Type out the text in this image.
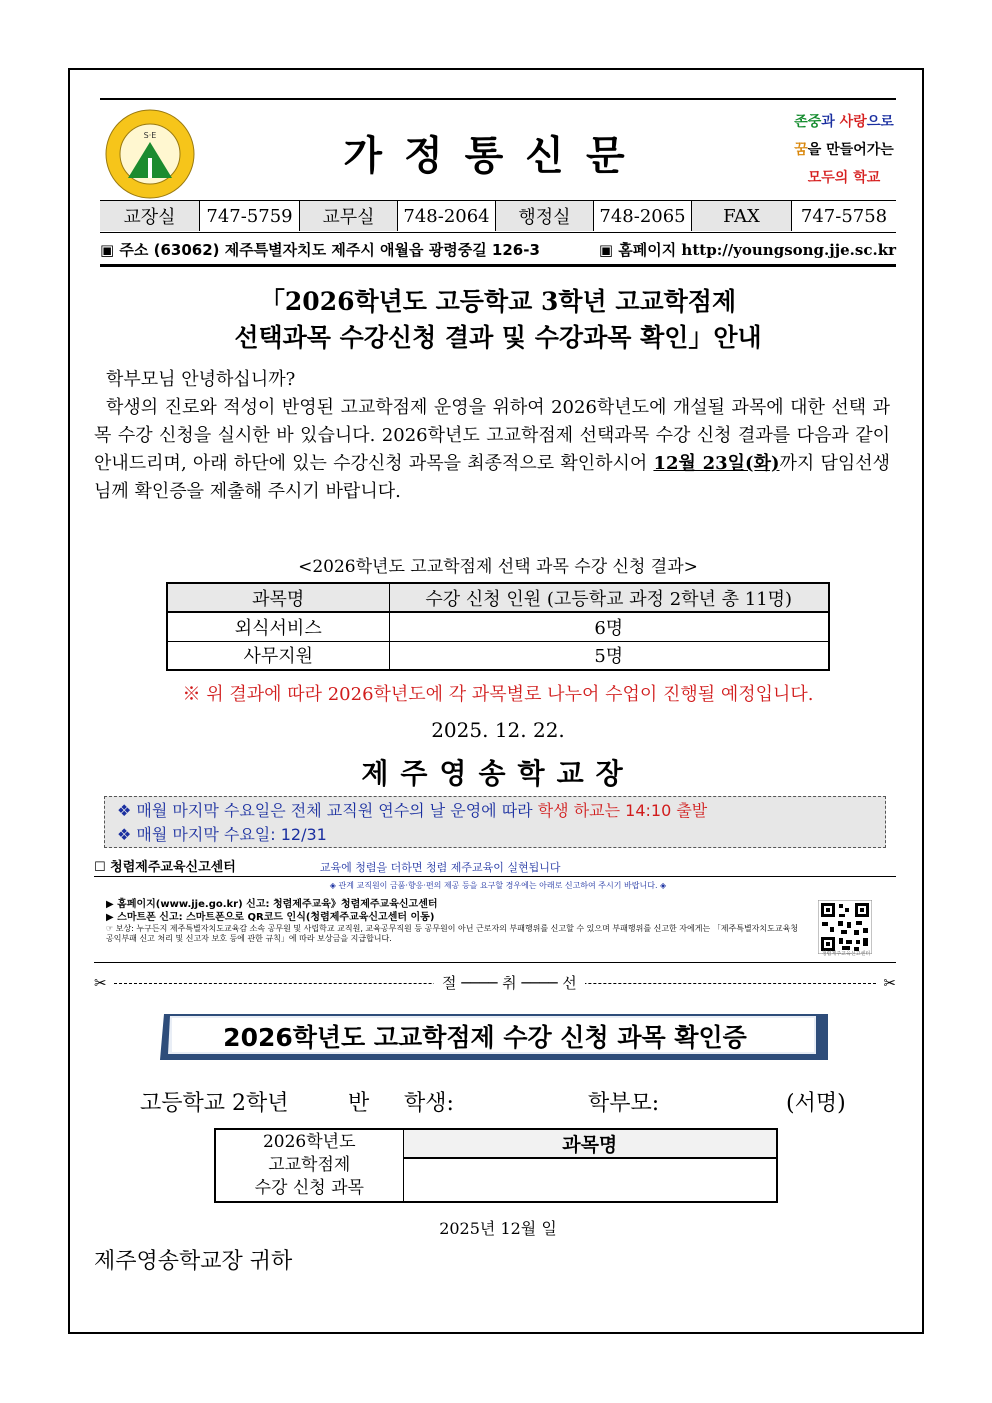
S·E	가정통신문
존중과 사랑으로
꿈을 만들어가는
모두의 학교
교장실	747-5759	교무실	748-2064	행정실	748-2065	FAX	747-5758
▣ 주소 (63062) 제주특별자치도 제주시 애월읍 광령중길 126-3	▣ 홈페이지 http://youngsong.jje.sc.kr
「2026학년도 고등학교 3학년 고교학점제
선택과목 수강신청 결과 및 수강과목 확인」안내

학부모님 안녕하십니까?

학생의 진로와 적성이 반영된 고교학점제 운영을 위하여 2026학년도에 개설될 과목에 대한 선택 과목 수강 신청을 실시한 바 있습니다. 2026학년도 고교학점제 선택과목 수강 신청 결과를 다음과 같이 안내드리며, 아래 하단에 있는 수강신청 과목을 최종적으로 확인하시어 12월 23일(화)까지 담임선생님께 확인증을 제출해 주시기 바랍니다.

<2026학년도 고교학점제 선택 과목 수강 신청 결과>
과목명	수강 신청 인원 (고등학교 과정 2학년 총 11명)
외식서비스	6명
사무지원	5명
※ 위 결과에 따라 2026학년도에 각 과목별로 나누어 수업이 진행될 예정입니다.
2025. 12. 22.
제주영송학교장
❖ 매월 마지막 수요일은 전체 교직원 연수의 날 운영에 따라 학생 하교는 14:10 출발
❖ 매월 마지막 수요일: 12/31
☐ 청렴제주교육신고센터	교육에 청렴을 더하면 청렴 제주교육이 실현됩니다
◈ 관계 교직원이 금품·향응·편의 제공 등을 요구할 경우에는 아래로 신고하여 주시기 바랍니다. ◈
▶ 홈페이지(www.jje.go.kr) 신고: 청렴제주교육》청렴제주교육신고센터
▶ 스마트폰 신고: 스마트폰으로 QR코드 인식(청렴제주교육신고센터 이동)
☞ 보상: 누구든지 제주특별자치도교육감 소속 공무원 및 사립학교 교직원, 교육공무직원 등 공무원이 아닌 근로자의 부패행위를 신고할 수 있으며 부패행위를 신고한 자에게는 「제주특별자치도교육청 공익부패 신고 처리 및 신고자 보호 등에 관한 규칙」에 따라 보상금을 지급합니다.
청렴제주교육신고센터
✂	절 ──── 취 ──── 선	✂
2026학년도 고교학점제 수강 신청 과목 확인증
고등학교 2학년	반 학생:	학부모:	(서명)
2026학년도
고교학점제
수강 신청 과목
	과목명

2025년 12월 일
제주영송학교장 귀하
